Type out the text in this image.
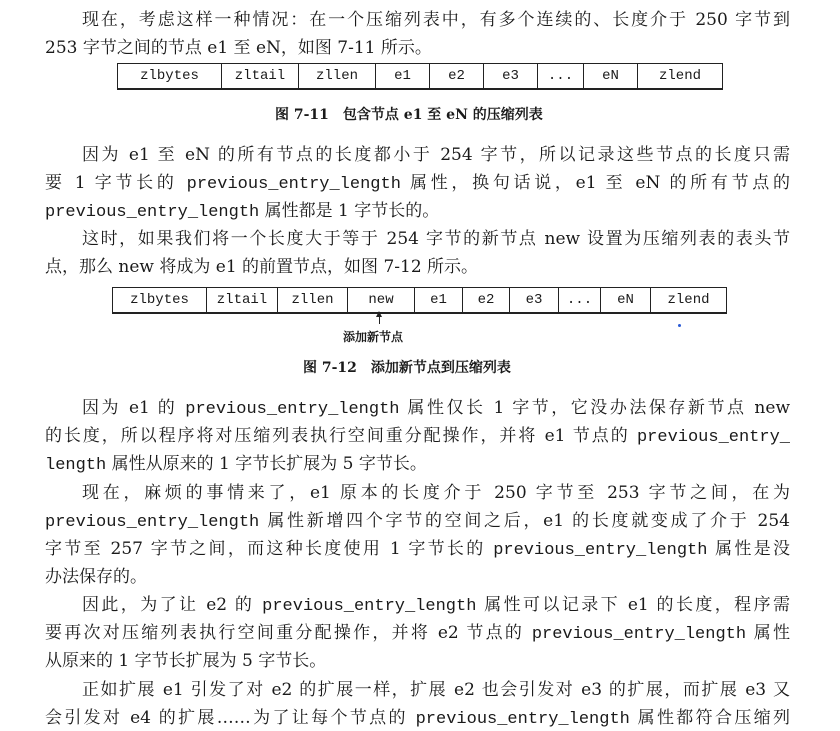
现在，考虑这样一种情况：在一个压缩列表中，有多个连续的、长度介于 250 字节到
253 字节之间的节点 e1 至 eN，如图 7-11 所示。
zlbytes	zltail	zllen	e1	e2	e3	...	eN	zlend
图 7-11　包含节点 e1 至 eN 的压缩列表
因为 e1 至 eN 的所有节点的长度都小于 254 字节，所以记录这些节点的长度只需
要 1 字节长的 previous_entry_length 属性，换句话说，e1 至 eN 的所有节点的
previous_entry_length 属性都是 1 字节长的。
这时，如果我们将一个长度大于等于 254 字节的新节点 new 设置为压缩列表的表头节
点，那么 new 将成为 e1 的前置节点，如图 7-12 所示。
zlbytes	zltail	zllen	new	e1	e2	e3	...	eN	zlend
添加新节点
图 7-12　添加新节点到压缩列表
因为 e1 的 previous_entry_length 属性仅长 1 字节，它没办法保存新节点 new
的长度，所以程序将对压缩列表执行空间重分配操作，并将 e1 节点的 previous_entry_
length 属性从原来的 1 字节长扩展为 5 字节长。
现在，麻烦的事情来了，e1 原本的长度介于 250 字节至 253 字节之间，在为
previous_entry_length 属性新增四个字节的空间之后，e1 的长度就变成了介于 254
字节至 257 字节之间，而这种长度使用 1 字节长的 previous_entry_length 属性是没
办法保存的。
因此，为了让 e2 的 previous_entry_length 属性可以记录下 e1 的长度，程序需
要再次对压缩列表执行空间重分配操作，并将 e2 节点的 previous_entry_length 属性
从原来的 1 字节长扩展为 5 字节长。
正如扩展 e1 引发了对 e2 的扩展一样，扩展 e2 也会引发对 e3 的扩展，而扩展 e3 又
会引发对 e4 的扩展……为了让每个节点的 previous_entry_length 属性都符合压缩列
